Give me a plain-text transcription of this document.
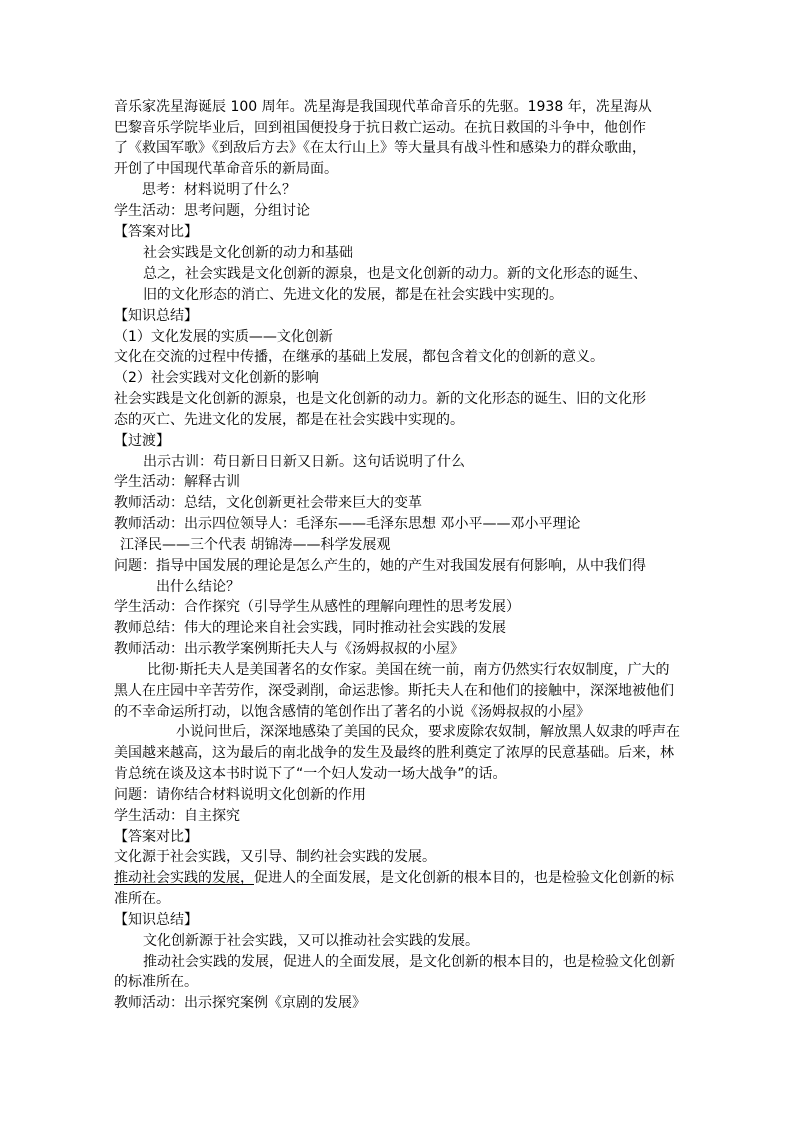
音乐家冼星海诞辰 100 周年。冼星海是我国现代革命音乐的先驱。1938 年，冼星海从
巴黎音乐学院毕业后，回到祖国便投身于抗日救亡运动。在抗日救国的斗争中，他创作
了《救国军歌》《到敌后方去》《在太行山上》等大量具有战斗性和感染力的群众歌曲，
开创了中国现代革命音乐的新局面。
思考：材料说明了什么？
学生活动：思考问题，分组讨论
【答案对比】
社会实践是文化创新的动力和基础
总之，社会实践是文化创新的源泉，也是文化创新的动力。新的文化形态的诞生、
旧的文化形态的消亡、先进文化的发展，都是在社会实践中实现的。
【知识总结】
（1）文化发展的实质——文化创新
文化在交流的过程中传播，在继承的基础上发展，都包含着文化的创新的意义。
（2）社会实践对文化创新的影响
社会实践是文化创新的源泉，也是文化创新的动力。新的文化形态的诞生、旧的文化形
态的灭亡、先进文化的发展，都是在社会实践中实现的。
【过渡】
出示古训：苟日新日日新又日新。这句话说明了什么
学生活动：解释古训
教师活动：总结，文化创新更社会带来巨大的变革
教师活动：出示四位领导人：毛泽东——毛泽东思想 邓小平——邓小平理论
江泽民——三个代表 胡锦涛——科学发展观
问题：指导中国发展的理论是怎么产生的，她的产生对我国发展有何影响，从中我们得
出什么结论？
学生活动：合作探究（引导学生从感性的理解向理性的思考发展）
教师总结：伟大的理论来自社会实践，同时推动社会实践的发展
教师活动：出示教学案例斯托夫人与《汤姆叔叔的小屋》
比彻·斯托夫人是美国著名的女作家。美国在统一前，南方仍然实行农奴制度，广大的
黑人在庄园中辛苦劳作，深受剥削，命运悲惨。斯托夫人在和他们的接触中，深深地被他们
的不幸命运所打动，以饱含感情的笔创作出了著名的小说《汤姆叔叔的小屋》
小说问世后，深深地感染了美国的民众，要求废除农奴制，解放黑人奴隶的呼声在
美国越来越高，这为最后的南北战争的发生及最终的胜利奠定了浓厚的民意基础。后来，林
肯总统在谈及这本书时说下了“一个妇人发动一场大战争”的话。
问题：请你结合材料说明文化创新的作用
学生活动：自主探究
【答案对比】
文化源于社会实践，又引导、制约社会实践的发展。
推动社会实践的发展，促进人的全面发展，是文化创新的根本目的，也是检验文化创新的标
准所在。
【知识总结】
文化创新源于社会实践，又可以推动社会实践的发展。
推动社会实践的发展，促进人的全面发展，是文化创新的根本目的，也是检验文化创新
的标准所在。
教师活动：出示探究案例《京剧的发展》
